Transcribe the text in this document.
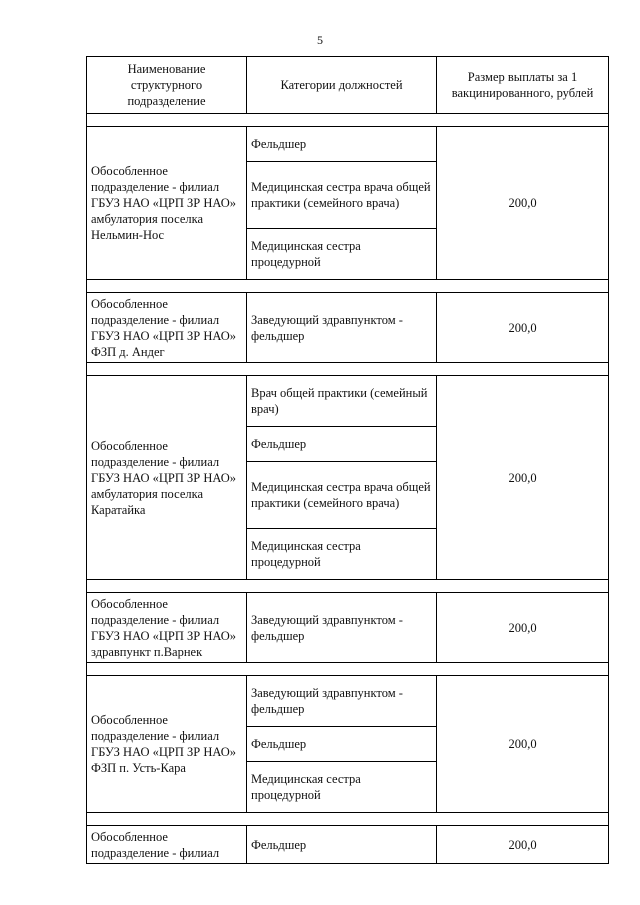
5
Наименование структурного подразделение	Категории должностей	Размер выплаты за 1 вакцинированного, рублей

Обособленное подразделение - филиал ГБУЗ НАО «ЦРП ЗР НАО» амбулатория поселка Нельмин-Нос	Фельдшер	200,0
	Медицинская сестра врача общей практики (семейного врача)	
	Медицинская сестра процедурной	

Обособленное подразделение - филиал ГБУЗ НАО «ЦРП ЗР НАО» ФЗП д. Андег	Заведующий здравпунктом - фельдшер	200,0

Обособленное подразделение - филиал ГБУЗ НАО «ЦРП ЗР НАО» амбулатория поселка Каратайка	Врач общей практики (семейный врач)	200,0
	Фельдшер	
	Медицинская сестра врача общей практики (семейного врача)	
	Медицинская сестра процедурной	

Обособленное подразделение - филиал ГБУЗ НАО «ЦРП ЗР НАО» здравпункт п.Варнек	Заведующий здравпунктом - фельдшер	200,0

Обособленное подразделение - филиал ГБУЗ НАО «ЦРП ЗР НАО» ФЗП п. Усть-Кара	Заведующий здравпунктом - фельдшер	200,0
	Фельдшер	
	Медицинская сестра процедурной	

Обособленное подразделение - филиал	Фельдшер	200,0
